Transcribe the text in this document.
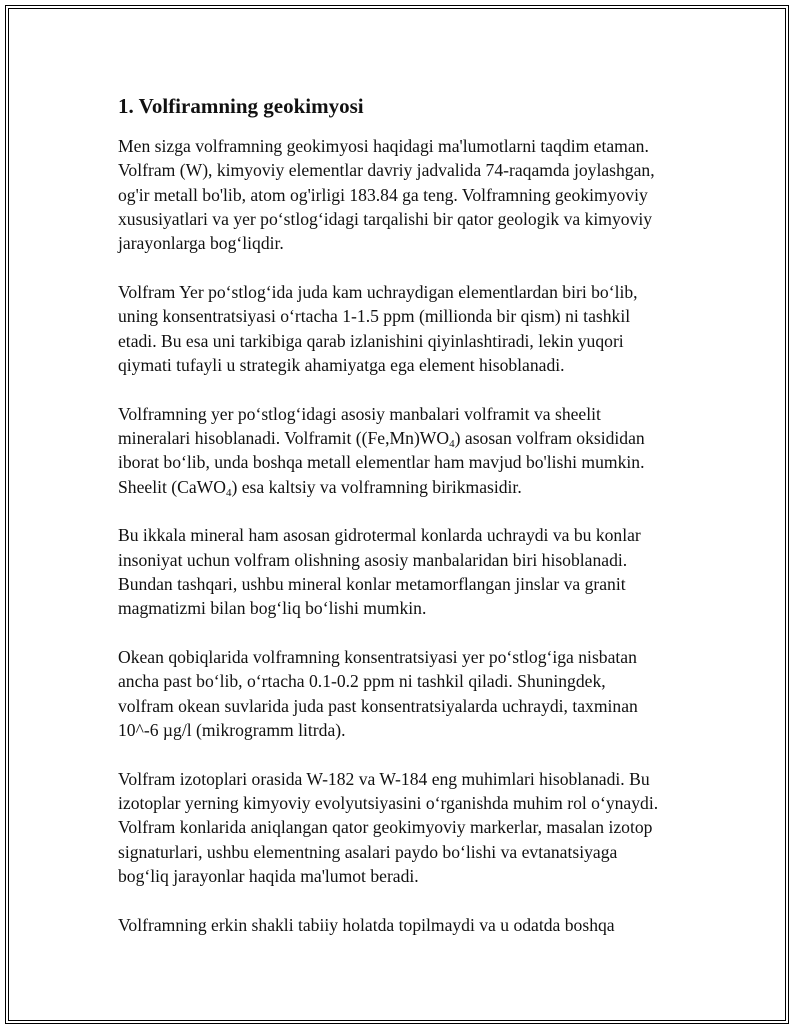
1. Volfiramning geokimyosi
Men sizga volframning geokimyosi haqidagi ma'lumotlarni taqdim etaman.
Volfram (W), kimyoviy elementlar davriy jadvalida 74-raqamda joylashgan,
og'ir metall bo'lib, atom og'irligi 183.84 ga teng. Volframning geokimyoviy
xususiyatlari va yer po‘stlog‘idagi tarqalishi bir qator geologik va kimyoviy
jarayonlarga bog‘liqdir.
Volfram Yer po‘stlog‘ida juda kam uchraydigan elementlardan biri bo‘lib,
uning konsentratsiyasi o‘rtacha 1-1.5 ppm (millionda bir qism) ni tashkil
etadi. Bu esa uni tarkibiga qarab izlanishini qiyinlashtiradi, lekin yuqori
qiymati tufayli u strategik ahamiyatga ega element hisoblanadi.
Volframning yer po‘stlog‘idagi asosiy manbalari volframit va sheelit
mineralari hisoblanadi. Volframit $((Fe,Mn)WO_4)$ asosan volfram oksididan
iborat bo‘lib, unda boshqa metall elementlar ham mavjud bo'lishi mumkin.
Sheelit (CaWO$_4$) esa kaltsiy va volframning birikmasidir.
Bu ikkala mineral ham asosan gidrotermal konlarda uchraydi va bu konlar
insoniyat uchun volfram olishning asosiy manbalaridan biri hisoblanadi.
Bundan tashqari, ushbu mineral konlar metamorflangan jinslar va granit
magmatizmi bilan bog‘liq bo‘lishi mumkin.
Okean qobiqlarida volframning konsentratsiyasi yer po‘stlog‘iga nisbatan
ancha past bo‘lib, o‘rtacha 0.1-0.2 ppm ni tashkil qiladi. Shuningdek,
volfram okean suvlarida juda past konsentratsiyalarda uchraydi, taxminan
10^-6 µg/l (mikrogramm litrda).
Volfram izotoplari orasida W-182 va W-184 eng muhimlari hisoblanadi. Bu
izotoplar yerning kimyoviy evolyutsiyasini o‘rganishda muhim rol o‘ynaydi.
Volfram konlarida aniqlangan qator geokimyoviy markerlar, masalan izotop
signaturlari, ushbu elementning asalari paydo bo‘lishi va evtanatsiyaga
bog‘liq jarayonlar haqida ma'lumot beradi.
Volframning erkin shakli tabiiy holatda topilmaydi va u odatda boshqa
